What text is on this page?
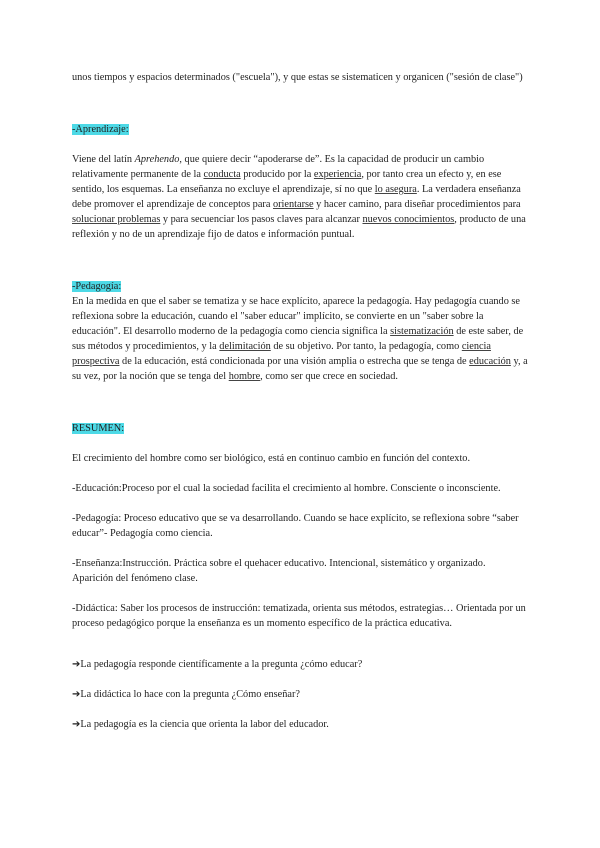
unos tiempos y espacios determinados ("escuela"), y que estas se sistematicen y organicen ("sesión de clase")

-Aprendizaje:

Viene del latín Aprehendo, que quiere decir “apoderarse de”. Es la capacidad de producir un cambio relativamente permanente de la conducta producido por la experiencia, por tanto crea un efecto y, en ese sentido, los esquemas. La enseñanza no excluye el aprendizaje, sí no que lo asegura. La verdadera enseñanza debe promover el aprendizaje de conceptos para orientarse y hacer camino, para diseñar procedimientos para solucionar problemas y para secuenciar los pasos claves para alcanzar nuevos conocimientos, producto de una reflexión y no de un aprendizaje fijo de datos e información puntual.

-Pedagogía:

En la medida en que el saber se tematiza y se hace explícito, aparece la pedagogía. Hay pedagogía cuando se reflexiona sobre la educación, cuando el "saber educar" implícito, se convierte en un "saber sobre la educación". El desarrollo moderno de la pedagogía como ciencia significa la sistematización de este saber, de sus métodos y procedimientos, y la delimitación de su objetivo. Por tanto, la pedagogía, como ciencia prospectiva de la educación, está condicionada por una visión amplia o estrecha que se tenga de educación y, a su vez, por la noción que se tenga del hombre, como ser que crece en sociedad.

RESUMEN:

El crecimiento del hombre como ser biológico, está en continuo cambio en función del contexto.

-Educación:Proceso por el cual la sociedad facilita el crecimiento al hombre. Consciente o inconsciente.

-Pedagogía: Proceso educativo que se va desarrollando. Cuando se hace explícito, se reflexiona sobre “saber educar”- Pedagogía como ciencia.

-Enseñanza:Instrucción. Práctica sobre el quehacer educativo. Intencional, sistemático y organizado. Aparición del fenómeno clase.

-Didáctica: Saber los procesos de instrucción: tematizada, orienta sus métodos, estrategias… Orientada por un proceso pedagógico porque la enseñanza es un momento específico de la práctica educativa.

➔La pedagogía responde científicamente a la pregunta ¿cómo educar?

➔La didáctica lo hace con la pregunta ¿Cómo enseñar?

➔La pedagogía es la ciencia que orienta la labor del educador.
